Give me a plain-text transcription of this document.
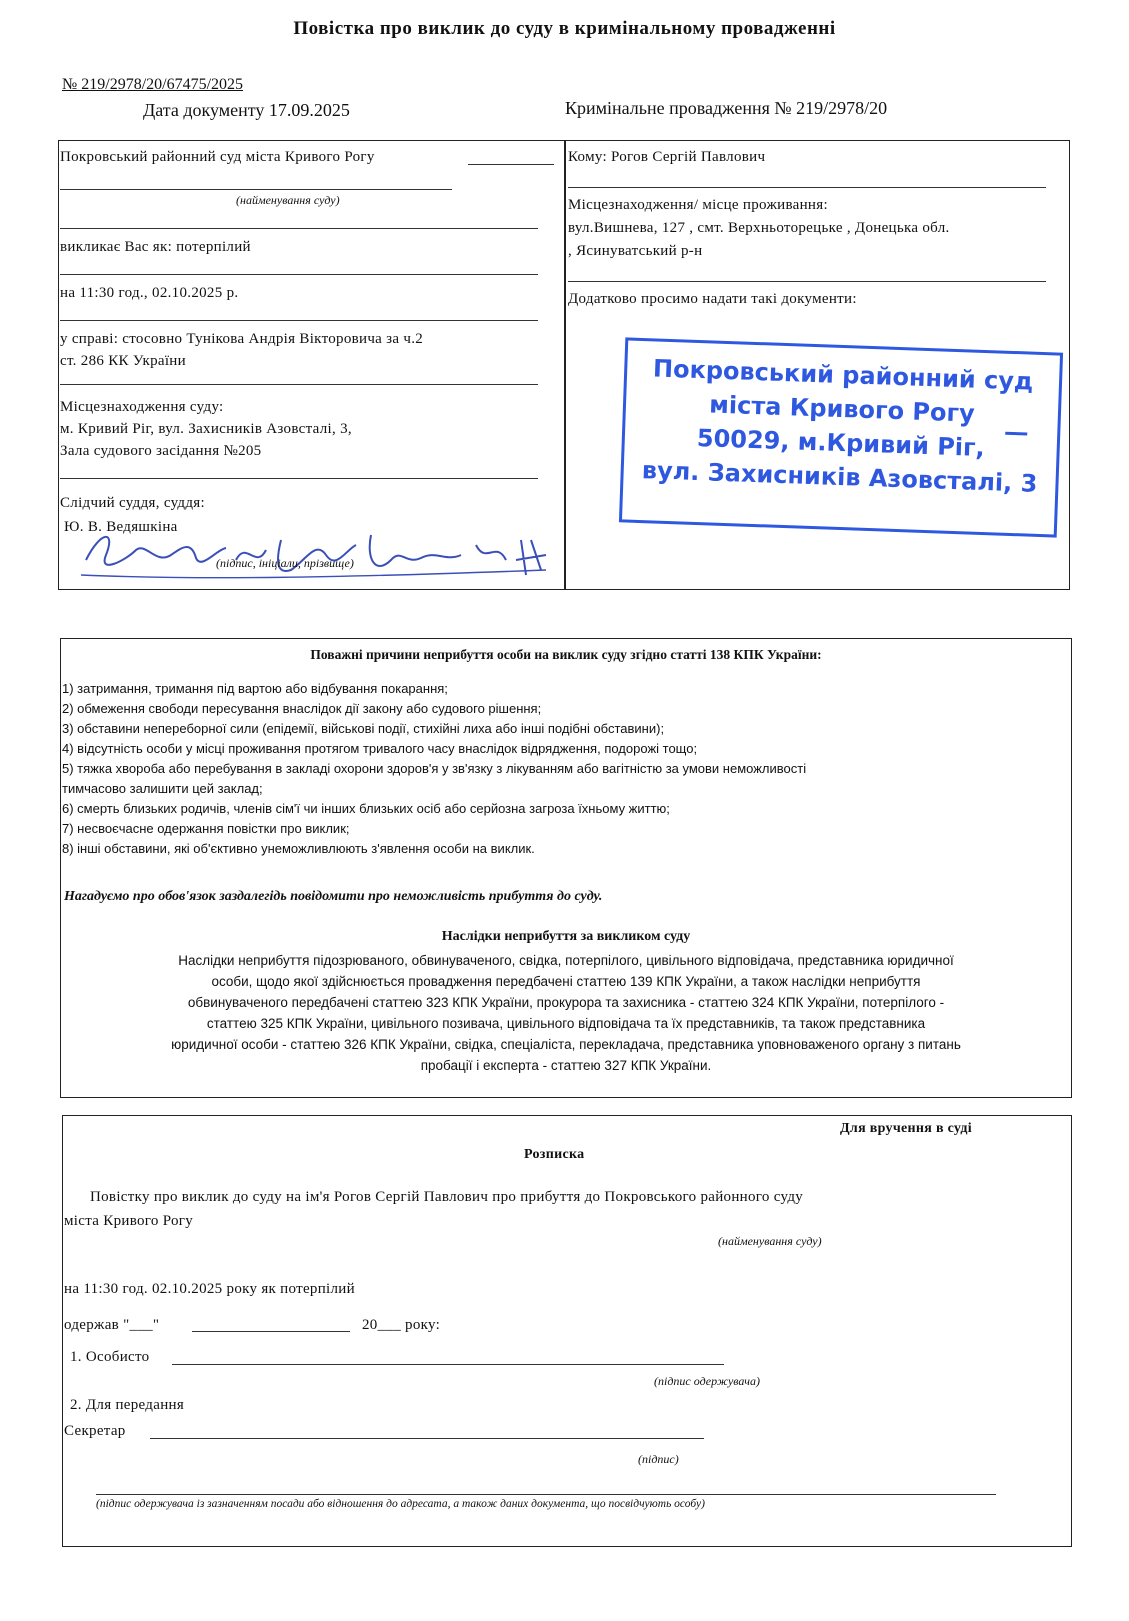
Повістка про виклик до суду в кримінальному провадженні
№ 219/2978/20/67475/2025
Дата документу 17.09.2025	Кримінальне провадження № 219/2978/20
Покровський районний суд міста Кривого Рогу
(найменування суду)
викликає Вас як: потерпілий
на 11:30 год., 02.10.2025 р.
у справі: стосовно Тунікова Андрія Вікторовича за ч.2
ст. 286 КК України
Місцезнаходження суду:
м. Кривий Ріг, вул. Захисників Азовсталі, 3,
Зала судового засідання №205
Слідчий суддя, суддя:
Ю. В. Ведяшкіна
(підпис, ініціали, прізвище)
Кому: Рогов Сергій Павлович
Місцезнаходження/ місце проживання:
вул.Вишнева, 127 , смт. Верхньоторецьке , Донецька обл.
, Ясинуватський р-н
Додатково просимо надати такі документи:
Покровський районний суд
міста Кривого Рогу
50029, м.Кривий Ріг,
вул. Захисників Азовсталі, 3
Поважні причини неприбуття особи на виклик суду згідно статті 138 КПК України:
1) затримання, тримання під вартою або відбування покарання;
2) обмеження свободи пересування внаслідок дії закону або судового рішення;
3) обставини непереборної сили (епідемії, військові події, стихійні лиха або інші подібні обставини);
4) відсутність особи у місці проживання протягом тривалого часу внаслідок відрядження, подорожі тощо;
5) тяжка хвороба або перебування в закладі охорони здоров'я у зв'язку з лікуванням або вагітністю за умови неможливості
тимчасово залишити цей заклад;
6) смерть близьких родичів, членів сім'ї чи інших близьких осіб або серйозна загроза їхньому життю;
7) несвоєчасне одержання повістки про виклик;
8) інші обставини, які об'єктивно унеможливлюють з'явлення особи на виклик.
Нагадуємо про обов'язок заздалегідь повідомити про неможливість прибуття до суду.
Наслідки неприбуття за викликом суду
Наслідки неприбуття підозрюваного, обвинуваченого, свідка, потерпілого, цивільного відповідача, представника юридичної
особи, щодо якої здійснюється провадження передбачені статтею 139 КПК України, а також наслідки неприбуття
обвинуваченого передбачені статтею 323 КПК України, прокурора та захисника - статтею 324 КПК України, потерпілого -
статтею 325 КПК України, цивільного позивача, цивільного відповідача та їх представників, та також представника
юридичної особи - статтею 326 КПК України, свідка, спеціаліста, перекладача, представника уповноваженого органу з питань
пробації і експерта - статтею 327 КПК України.
Для вручення в суді
Розписка
Повістку про виклик до суду на ім'я Рогов Сергій Павлович про прибуття до Покровського районного суду
міста Кривого Рогу
(найменування суду)
на 11:30 год. 02.10.2025 року як потерпілий
одержав "___"	20___ року:
1. Особисто
(підпис одержувача)
2. Для передання
Секретар
(підпис)
(підпис одержувача із зазначенням посади або відношення до адресата, а також даних документа, що посвідчують особу)
